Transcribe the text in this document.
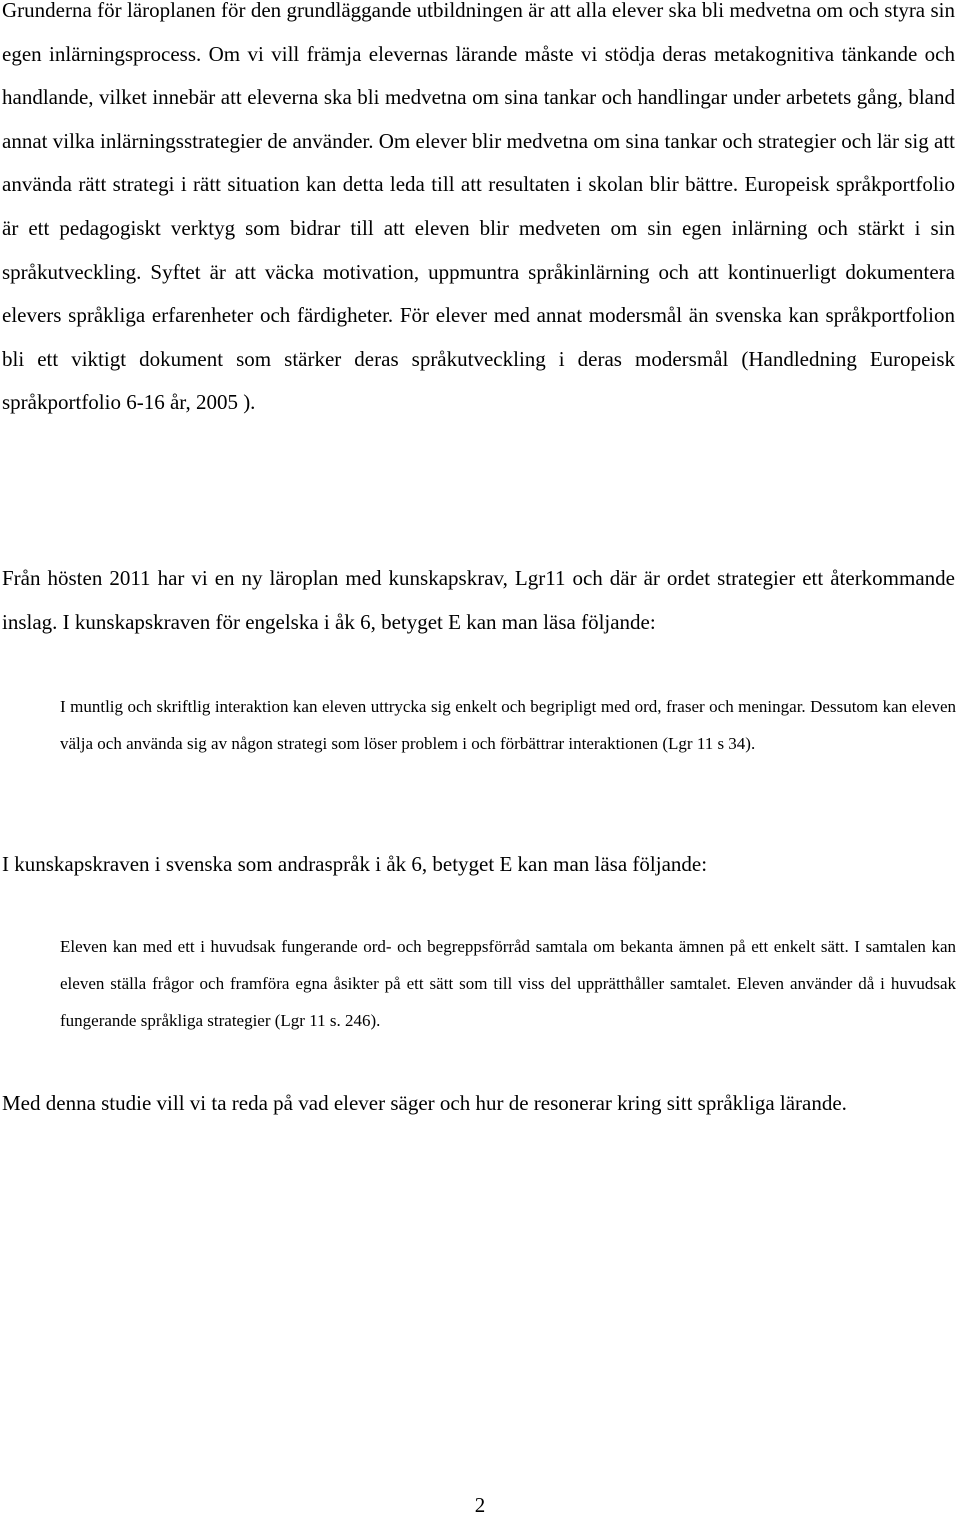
Grunderna för läroplanen för den grundläggande utbildningen är att alla elever ska bli medvetna om och styra sin egen inlärningsprocess. Om vi vill främja elevernas lärande måste vi stödja deras metakognitiva tänkande och handlande, vilket innebär att eleverna ska bli medvetna om sina tankar och handlingar under arbetets gång, bland annat vilka inlärningsstrategier de använder. Om elever blir medvetna om sina tankar och strategier och lär sig att använda rätt strategi i rätt situation kan detta leda till att resultaten i skolan blir bättre. Europeisk språkportfolio är ett pedagogiskt verktyg som bidrar till att eleven blir medveten om sin egen inlärning och stärkt i sin språkutveckling. Syftet är att väcka motivation, uppmuntra språkinlärning och att kontinuerligt dokumentera elevers språkliga erfarenheter och färdigheter. För elever med annat modersmål än svenska kan språkportfolion bli ett viktigt dokument som stärker deras språkutveckling i deras modersmål (Handledning Europeisk språkportfolio 6-16 år, 2005 ).

Från hösten 2011 har vi en ny läroplan med kunskapskrav, Lgr11 och där är ordet strategier ett återkommande inslag. I kunskapskraven för engelska i åk 6, betyget E kan man läsa följande:

I muntlig och skriftlig interaktion kan eleven uttrycka sig enkelt och begripligt med ord, fraser och meningar. Dessutom kan eleven välja och använda sig av någon strategi som löser problem i och förbättrar interaktionen (Lgr 11 s 34).

I kunskapskraven i svenska som andraspråk i åk 6, betyget E kan man läsa följande:

Eleven kan med ett i huvudsak fungerande ord- och begreppsförråd samtala om bekanta ämnen på ett enkelt sätt. I samtalen kan eleven ställa frågor och framföra egna åsikter på ett sätt som till viss del upprätthåller samtalet. Eleven använder då i huvudsak fungerande språkliga strategier (Lgr 11 s. 246).

Med denna studie vill vi ta reda på vad elever säger och hur de resonerar kring sitt språkliga lärande.

2
